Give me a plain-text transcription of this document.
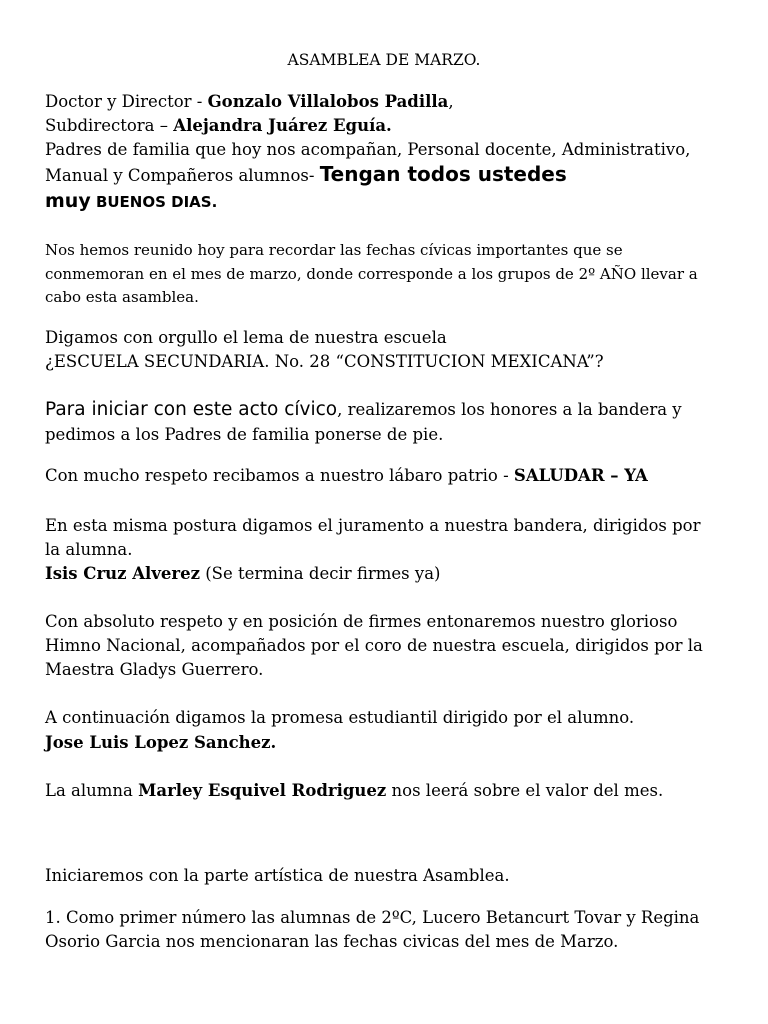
ASAMBLEA DE MARZO.
Doctor y Director - Gonzalo Villalobos Padilla,
Subdirectora – Alejandra Juárez Eguía.
Padres de familia que hoy nos acompañan, Personal docente, Administrativo,
Manual y Compañeros alumnos- Tengan todos ustedes
muy BUENOS DIAS.
Nos hemos reunido hoy para recordar las fechas cívicas importantes que se
conmemoran en el mes de marzo, donde corresponde a los grupos de 2º AÑO llevar a
cabo esta asamblea.
Digamos con orgullo el lema de nuestra escuela
¿ESCUELA SECUNDARIA. No. 28 “CONSTITUCION MEXICANA”?
Para iniciar con este acto cívico, realizaremos los honores a la bandera y
pedimos a los Padres de familia ponerse de pie.
Con mucho respeto recibamos a nuestro lábaro patrio - SALUDAR – YA
En esta misma postura digamos el juramento a nuestra bandera, dirigidos por
la alumna.
Isis Cruz Alverez (Se termina decir firmes ya)
Con absoluto respeto y en posición de firmes entonaremos nuestro glorioso
Himno Nacional, acompañados por el coro de nuestra escuela, dirigidos por la
Maestra Gladys Guerrero.
A continuación digamos la promesa estudiantil dirigido por el alumno.
Jose Luis Lopez Sanchez.
La alumna Marley Esquivel Rodriguez nos leerá sobre el valor del mes.
Iniciaremos con la parte artística de nuestra Asamblea.
1. Como primer número las alumnas de 2ºC, Lucero Betancurt Tovar y Regina
Osorio Garcia nos mencionaran las fechas civicas del mes de Marzo.
